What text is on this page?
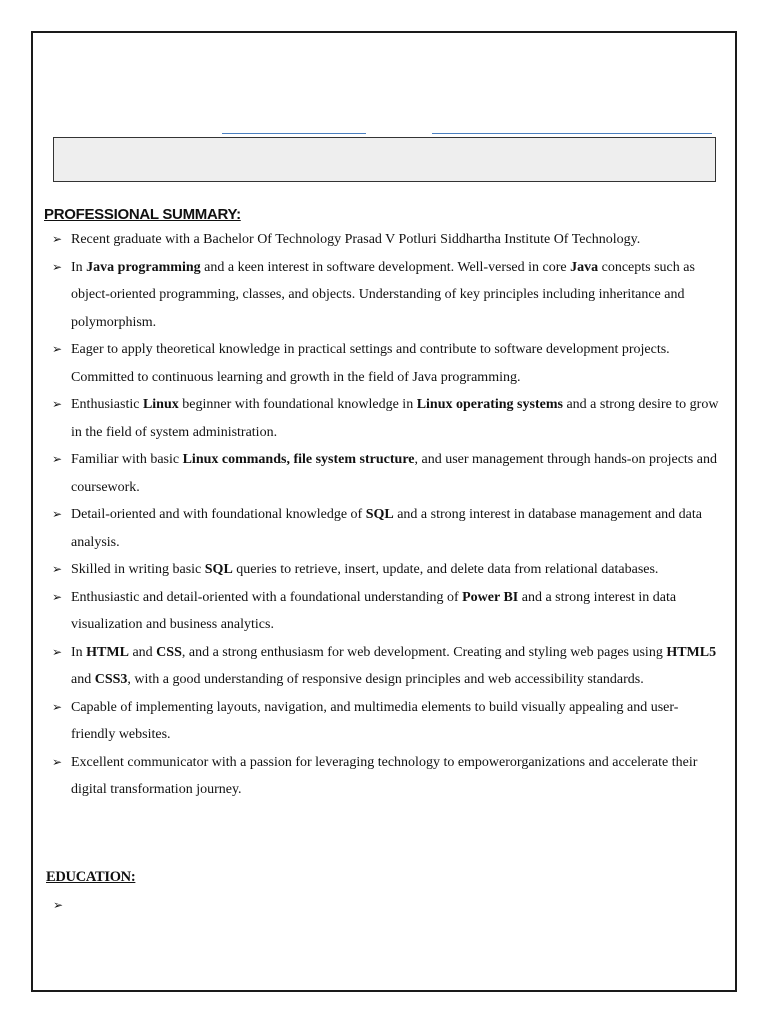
PROFESSIONAL SUMMARY:
➢ Recent graduate with a Bachelor Of Technology Prasad V Potluri Siddhartha Institute Of Technology.
➢ In Java programming and a keen interest in software development. Well-versed in core Java concepts such as object-oriented programming, classes, and objects. Understanding of key principles including inheritance and polymorphism.
➢ Eager to apply theoretical knowledge in practical settings and contribute to software development projects. Committed to continuous learning and growth in the field of Java programming.
➢ Enthusiastic Linux beginner with foundational knowledge in Linux operating systems and a strong desire to grow in the field of system administration.
➢ Familiar with basic Linux commands, file system structure, and user management through hands-on projects and coursework.
➢ Detail-oriented and with foundational knowledge of SQL and a strong interest in database management and data analysis.
➢ Skilled in writing basic SQL queries to retrieve, insert, update, and delete data from relational databases.
➢ Enthusiastic and detail-oriented with a foundational understanding of Power BI and a strong interest in data visualization and business analytics.
➢ In HTML and CSS, and a strong enthusiasm for web development. Creating and styling web pages using HTML5 and CSS3, with a good understanding of responsive design principles and web accessibility standards.
➢ Capable of implementing layouts, navigation, and multimedia elements to build visually appealing and user-friendly websites.
➢ Excellent communicator with a passion for leveraging technology to empowerorganizations and accelerate their digital transformation journey.
EDUCATION:
➢
